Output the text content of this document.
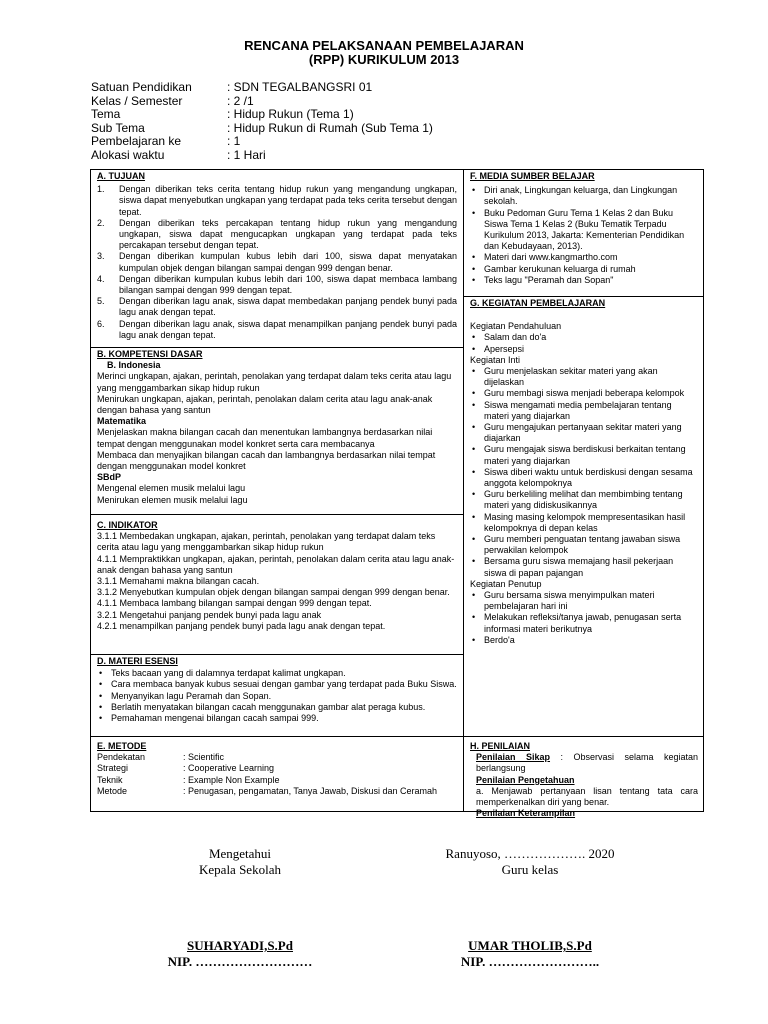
RENCANA PELAKSANAAN PEMBELAJARAN
(RPP) KURIKULUM 2013
Satuan Pendidikan	: SDN TEGALBANGSRI 01
Kelas / Semester	: 2 /1
Tema	: Hidup Rukun (Tema 1)
Sub Tema	: Hidup Rukun di Rumah (Sub Tema 1)
Pembelajaran ke	: 1
Alokasi waktu	: 1 Hari
A. TUJUAN
1.	Dengan diberikan teks cerita tentang hidup rukun yang mengandung ungkapan, siswa dapat menyebutkan ungkapan yang terdapat pada teks cerita tersebut dengan tepat.
2.	Dengan diberikan teks percakapan tentang hidup rukun yang mengandung ungkapan, siswa dapat mengucapkan ungkapan yang terdapat pada teks percakapan tersebut dengan tepat.
3.	Dengan diberikan kumpulan kubus lebih dari 100, siswa dapat menyatakan kumpulan objek dengan bilangan sampai dengan 999 dengan benar.
4.	Dengan diberikan kumpulan kubus lebih dari 100, siswa dapat membaca lambang bilangan sampai dengan 999 dengan tepat.
5.	Dengan diberikan lagu anak, siswa dapat membedakan panjang pendek bunyi pada lagu anak dengan tepat.
6.	Dengan diberikan lagu anak, siswa dapat menampilkan panjang pendek bunyi pada lagu anak dengan tepat.
B. KOMPETENSI DASAR
B. Indonesia
Merinci ungkapan, ajakan, perintah, penolakan yang terdapat dalam teks cerita atau lagu yang menggambarkan sikap hidup rukun
Menirukan ungkapan, ajakan, perintah, penolakan dalam cerita atau lagu anak-anak dengan bahasa yang santun
Matematika
Menjelaskan makna bilangan cacah dan menentukan lambangnya berdasarkan nilai tempat dengan menggunakan model konkret serta cara membacanya
Membaca dan menyajikan bilangan cacah dan lambangnya berdasarkan nilai tempat dengan menggunakan model konkret
SBdP
Mengenal elemen musik melalui lagu
Menirukan elemen musik melalui lagu
C. INDIKATOR
3.1.1 Membedakan ungkapan, ajakan, perintah, penolakan yang terdapat dalam teks cerita atau lagu yang menggambarkan sikap hidup rukun
4.1.1 Mempraktikkan ungkapan, ajakan, perintah, penolakan dalam cerita atau lagu anak-anak dengan bahasa yang santun
3.1.1 Memahami makna bilangan cacah.
3.1.2 Menyebutkan kumpulan objek dengan bilangan sampai dengan 999 dengan benar.
4.1.1 Membaca lambang bilangan sampai dengan 999 dengan tepat.
3.2.1 Mengetahui panjang pendek bunyi pada lagu anak
4.2.1 menampilkan panjang pendek bunyi pada lagu anak dengan tepat.
D. MATERI ESENSI
• Teks bacaan yang di dalamnya terdapat kalimat ungkapan.
• Cara membaca banyak kubus sesuai dengan gambar yang terdapat pada Buku Siswa.
• Menyanyikan lagu Peramah dan Sopan.
• Berlatih menyatakan bilangan cacah menggunakan gambar alat peraga kubus.
• Pemahaman mengenai bilangan cacah sampai 999.
E. METODE
Pendekatan	: Scientific
Strategi	: Cooperative Learning
Teknik	: Example Non Example
Metode	: Penugasan, pengamatan, Tanya Jawab, Diskusi dan Ceramah
F. MEDIA SUMBER BELAJAR
• Diri anak, Lingkungan keluarga, dan Lingkungan sekolah.
• Buku Pedoman Guru Tema 1 Kelas 2 dan Buku Siswa Tema 1 Kelas 2 (Buku Tematik Terpadu Kurikulum 2013, Jakarta: Kementerian Pendidikan dan Kebudayaan, 2013).
• Materi dari www.kangmartho.com
• Gambar kerukunan keluarga di rumah
• Teks lagu "Peramah dan Sopan"
G. KEGIATAN PEMBELAJARAN
Kegiatan Pendahuluan
• Salam dan do'a
• Apersepsi
Kegiatan Inti
• Guru menjelaskan sekitar materi yang akan dijelaskan
• Guru membagi siswa menjadi beberapa kelompok
• Siswa mengamati media pembelajaran tentang materi yang diajarkan
• Guru mengajukan pertanyaan sekitar materi yang diajarkan
• Guru mengajak siswa berdiskusi berkaitan tentang materi yang diajarkan
• Siswa diberi waktu untuk berdiskusi dengan sesama anggota kelompoknya
• Guru berkeliling melihat dan membimbing tentang materi yang didiskusikannya
• Masing masing kelompok mempresentasikan hasil kelompoknya di depan kelas
• Guru memberi penguatan tentang jawaban siswa perwakilan kelompok
• Bersama guru siswa memajang hasil pekerjaan siswa di papan pajangan
Kegiatan Penutup
• Guru bersama siswa menyimpulkan materi pembelajaran hari ini
• Melakukan refleksi/tanya jawab, penugasan serta informasi materi berikutnya
• Berdo'a
H. PENILAIAN
Penilaian Sikap : Observasi selama kegiatan berlangsung
Penilaian Pengetahuan
a. Menjawab pertanyaan lisan tentang tata cara memperkenalkan diri yang benar.
Penilaian Keterampilan
Mengetahui
Kepala Sekolah
Ranuyoso, ………………. 2020
Guru kelas
SUHARYADI,S.Pd
NIP. ………………………
UMAR THOLIB,S.Pd
NIP. ……………………..
